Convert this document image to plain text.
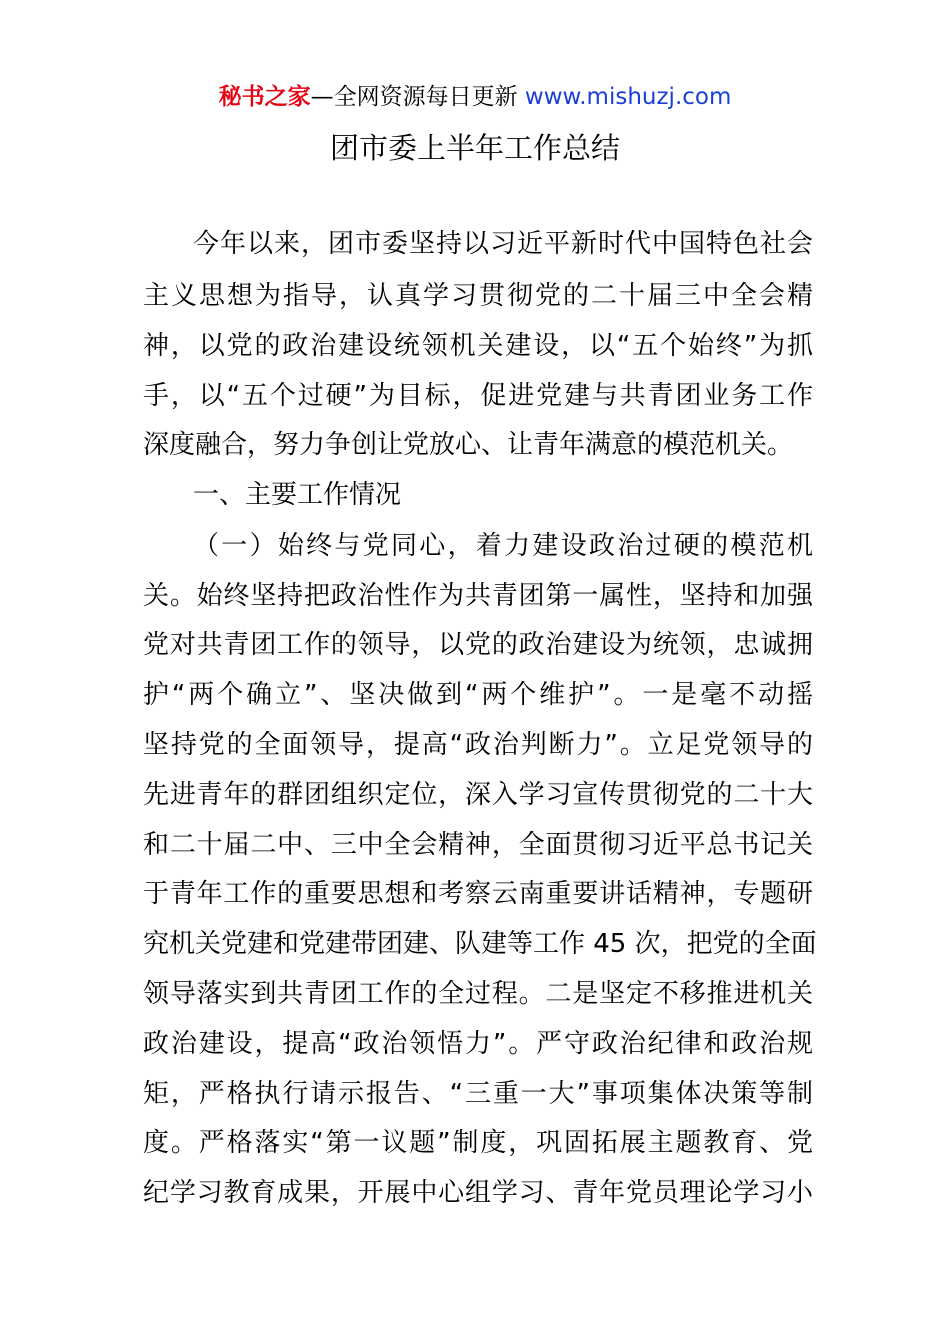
秘书之家—全网资源每日更新 www.mishuzj.com
团市委上半年工作总结
今年以来，团市委坚持以习近平新时代中国特色社会
主义思想为指导，认真学习贯彻党的二十届三中全会精
神，以党的政治建设统领机关建设，以“五个始终”为抓
手，以“五个过硬”为目标，促进党建与共青团业务工作
深度融合，努力争创让党放心、让青年满意的模范机关。
一、主要工作情况
（一）始终与党同心，着力建设政治过硬的模范机
关。始终坚持把政治性作为共青团第一属性，坚持和加强
党对共青团工作的领导，以党的政治建设为统领，忠诚拥
护“两个确立”、坚决做到“两个维护”。一是毫不动摇
坚持党的全面领导，提高“政治判断力”。立足党领导的
先进青年的群团组织定位，深入学习宣传贯彻党的二十大
和二十届二中、三中全会精神，全面贯彻习近平总书记关
于青年工作的重要思想和考察云南重要讲话精神，专题研
究机关党建和党建带团建、队建等工作 45 次，把党的全面
领导落实到共青团工作的全过程。二是坚定不移推进机关
政治建设，提高“政治领悟力”。严守政治纪律和政治规
矩，严格执行请示报告、“三重一大”事项集体决策等制
度。严格落实“第一议题”制度，巩固拓展主题教育、党
纪学习教育成果，开展中心组学习、青年党员理论学习小
